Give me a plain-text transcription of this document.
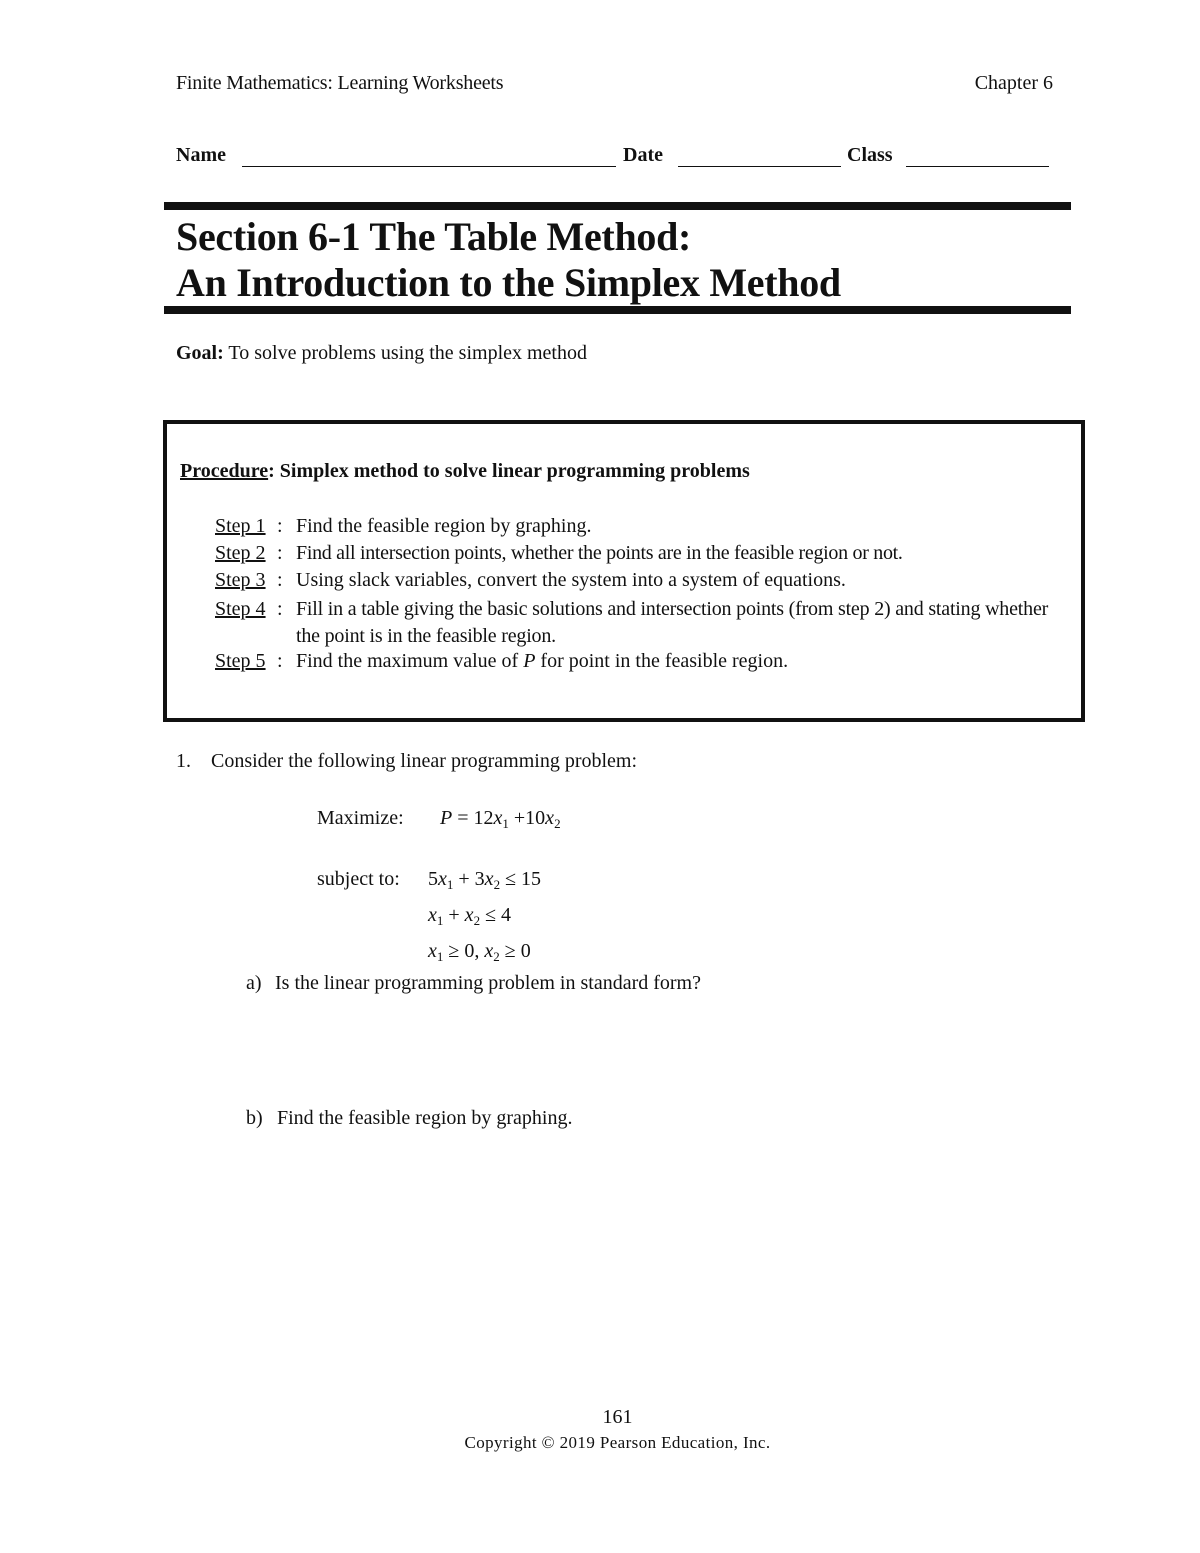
Finite Mathematics: Learning Worksheets	Chapter 6
Name	Date	Class
Section 6-1 The Table Method:
An Introduction to the Simplex Method
Goal: To solve problems using the simplex method
Procedure: Simplex method to solve linear programming problems
Step 1 : Find the feasible region by graphing.
Step 2 : Find all intersection points, whether the points are in the feasible region or not.
Step 3 : Using slack variables, convert the system into a system of equations.
Step 4 : Fill in a table giving the basic solutions and intersection points (from step 2) and stating whether the point is in the feasible region.
Step 5 : Find the maximum value of P for point in the feasible region.
1. Consider the following linear programming problem:
Maximize: $P = 12x_1 +10x_2$
subject to: $5x_1 + 3x_2 \le 15$
$x_1 + x_2 \le 4$
$x_1 \ge 0$, $x_2 \ge 0$
a) Is the linear programming problem in standard form?
b) Find the feasible region by graphing.
161
Copyright © 2019 Pearson Education, Inc.
